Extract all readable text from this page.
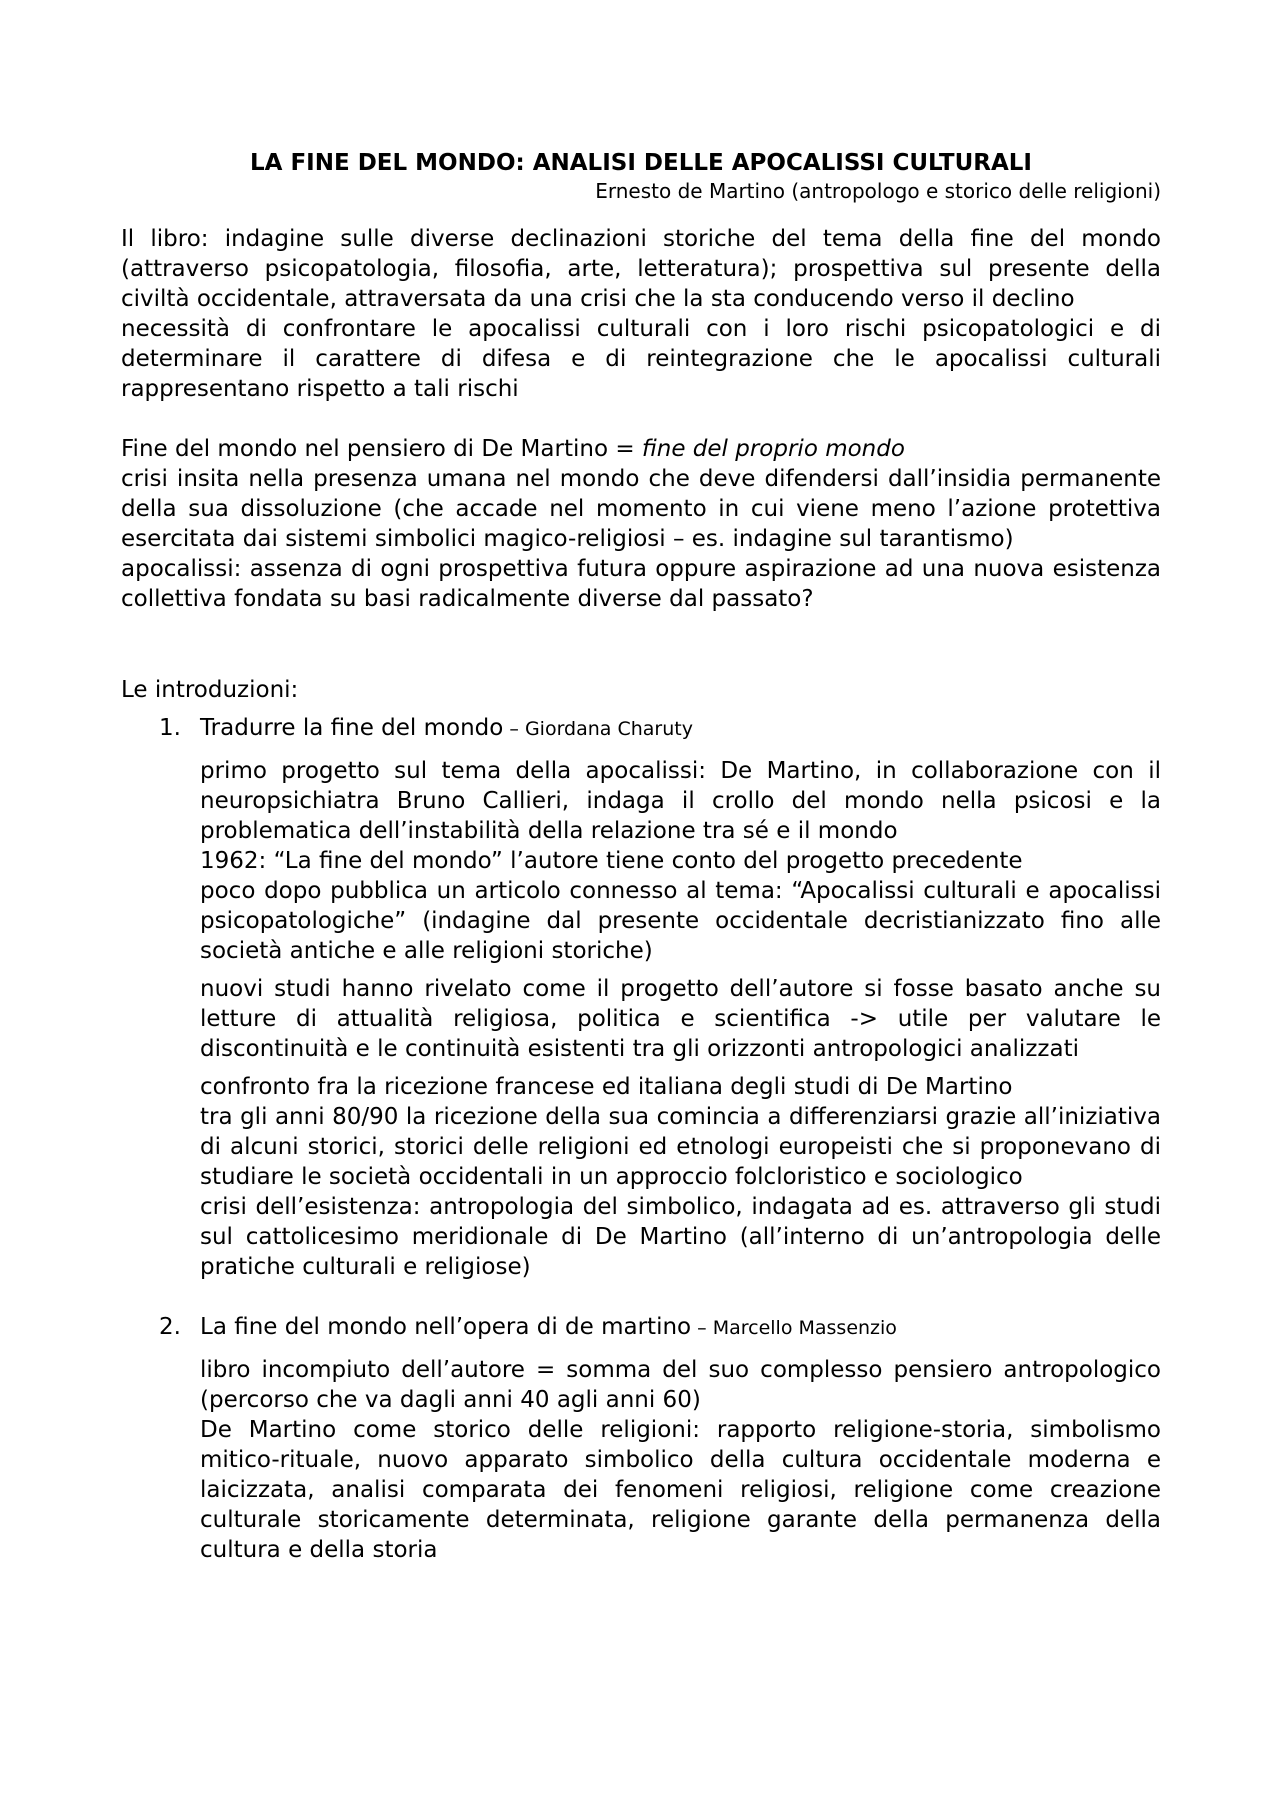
LA FINE DEL MONDO: ANALISI DELLE APOCALISSI CULTURALI
Ernesto de Martino (antropologo e storico delle religioni)

Il libro: indagine sulle diverse declinazioni storiche del tema della fine del mondo (attraverso psicopatologia, filosofia, arte, letteratura); prospettiva sul presente della civiltà occidentale, attraversata da una crisi che la sta conducendo verso il declino

necessità di confrontare le apocalissi culturali con i loro rischi psicopatologici e di determinare il carattere di difesa e di reintegrazione che le apocalissi culturali rappresentano rispetto a tali rischi

Fine del mondo nel pensiero di De Martino = fine del proprio mondo

crisi insita nella presenza umana nel mondo che deve difendersi dall’insidia permanente della sua dissoluzione (che accade nel momento in cui viene meno l’azione protettiva esercitata dai sistemi simbolici magico-religiosi – es. indagine sul tarantismo)

apocalissi: assenza di ogni prospettiva futura oppure aspirazione ad una nuova esistenza collettiva fondata su basi radicalmente diverse dal passato?

Le introduzioni:

1. Tradurre la fine del mondo – Giordana Charuty

primo progetto sul tema della apocalissi: De Martino, in collaborazione con il neuropsichiatra Bruno Callieri, indaga il crollo del mondo nella psicosi e la problematica dell’instabilità della relazione tra sé e il mondo

1962: “La fine del mondo” l’autore tiene conto del progetto precedente

poco dopo pubblica un articolo connesso al tema: “Apocalissi culturali e apocalissi psicopatologiche” (indagine dal presente occidentale decristianizzato fino alle società antiche e alle religioni storiche)

nuovi studi hanno rivelato come il progetto dell’autore si fosse basato anche su letture di attualità religiosa, politica e scientifica -> utile per valutare le discontinuità e le continuità esistenti tra gli orizzonti antropologici analizzati

confronto fra la ricezione francese ed italiana degli studi di De Martino

tra gli anni 80/90 la ricezione della sua comincia a differenziarsi grazie all’iniziativa di alcuni storici, storici delle religioni ed etnologi europeisti che si proponevano di studiare le società occidentali in un approccio folcloristico e sociologico

crisi dell’esistenza: antropologia del simbolico, indagata ad es. attraverso gli studi sul cattolicesimo meridionale di De Martino (all’interno di un’antropologia delle pratiche culturali e religiose)

2. La fine del mondo nell’opera di de martino – Marcello Massenzio

libro incompiuto dell’autore = somma del suo complesso pensiero antropologico (percorso che va dagli anni 40 agli anni 60)

De Martino come storico delle religioni: rapporto religione-storia, simbolismo mitico-rituale, nuovo apparato simbolico della cultura occidentale moderna e laicizzata, analisi comparata dei fenomeni religiosi, religione come creazione culturale storicamente determinata, religione garante della permanenza della cultura e della storia
